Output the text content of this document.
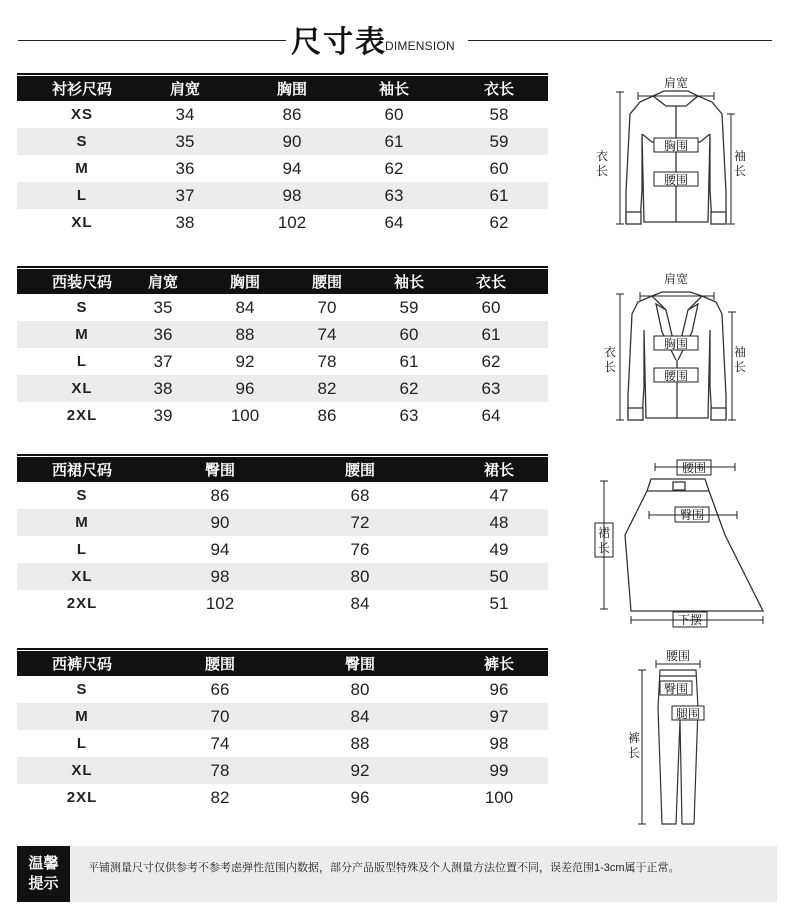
尺寸表
DIMENSION
衬衫尺码	肩宽	胸围	袖长	衣长
XS	34	86	60	58
S	35	90	61	59
M	36	94	62	60
L	37	98	63	61
XL	38	102	64	62
西装尺码	肩宽	胸围	腰围	袖长	衣长
S	35	84	70	59	60
M	36	88	74	60	61
L	37	92	78	61	62
XL	38	96	82	62	63
2XL	39	100	86	63	64
西裙尺码	臀围	腰围	裙长
S	86	68	47
M	90	72	48
L	94	76	49
XL	98	80	50
2XL	102	84	51
西裤尺码	腰围	臀围	裤长
S	66	80	96
M	70	84	97
L	74	88	98
XL	78	92	99
2XL	82	96	100
肩宽
胸围
腰围
衣
长
袖
长
肩宽
胸围
腰围
衣
长
袖
长
腰围
臀围
下摆
裙
长
腰围
臀围
腿围
裤
长
温馨
提示
平铺测量尺寸仅供参考不参考虑弹性范围内数据，部分产品版型特殊及个人测量方法位置不同，误差范围1-3cm属于正常。
